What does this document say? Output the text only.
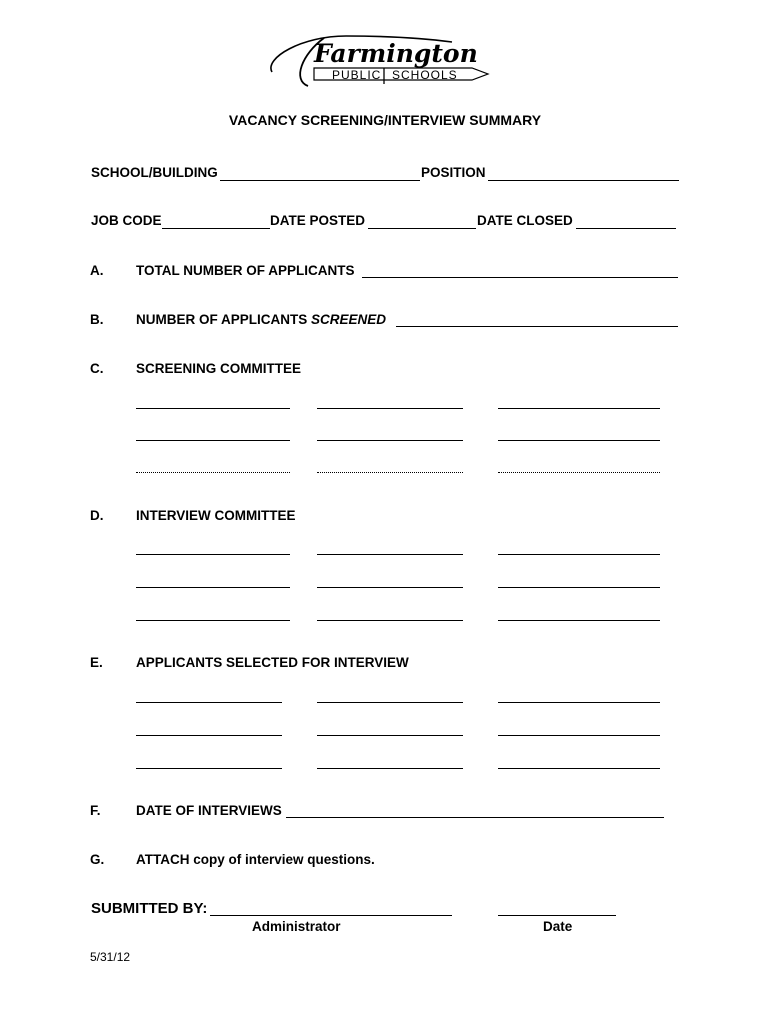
Farmington
PUBLIC SCHOOLS
VACANCY SCREENING/INTERVIEW SUMMARY
SCHOOL/BUILDING	POSITION
JOB CODE	DATE POSTED	DATE CLOSED
A. TOTAL NUMBER OF APPLICANTS
B. NUMBER OF APPLICANTS SCREENED
C. SCREENING COMMITTEE
D. INTERVIEW COMMITTEE
E. APPLICANTS SELECTED FOR INTERVIEW
F.	DATE OF INTERVIEWS
G. ATTACH copy of interview questions.
SUBMITTED BY:
Administrator	Date
5/31/12
